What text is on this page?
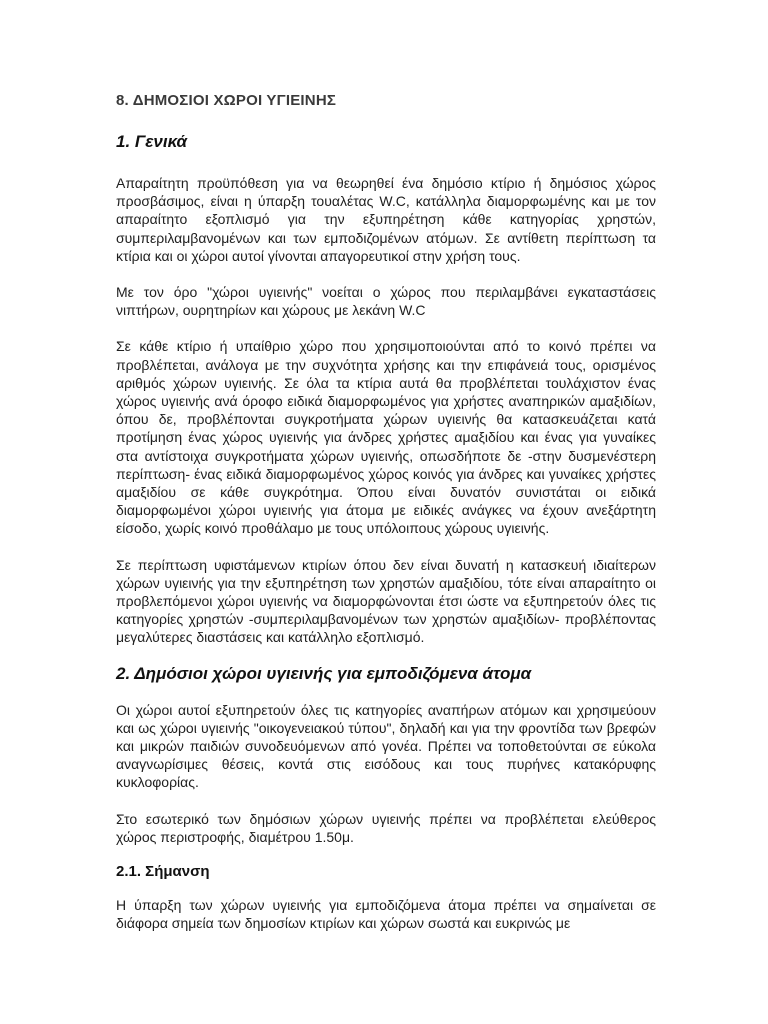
8. ΔΗΜΟΣΙΟΙ ΧΩΡΟΙ ΥΓΙΕΙΝΗΣ
1. Γενικά

Απαραίτητη προϋπόθεση για να θεωρηθεί ένα δημόσιο κτίριο ή δημόσιος χώρος προσβάσιμος, είναι η ύπαρξη τουαλέτας W.C, κατάλληλα διαμορφωμένης και με τον απαραίτητο εξοπλισμό για την εξυπηρέτηση κάθε κατηγορίας χρηστών, συμπεριλαμβανομένων και των εμποδιζομένων ατόμων. Σε αντίθετη περίπτωση τα κτίρια και οι χώροι αυτοί γίνονται απαγορευτικοί στην χρήση τους.

Με τον όρο "χώροι υγιεινής" νοείται ο χώρος που περιλαμβάνει εγκαταστάσεις νιπτήρων, ουρητηρίων και χώρους με λεκάνη W.C

Σε κάθε κτίριο ή υπαίθριο χώρο που χρησιμοποιούνται από το κοινό πρέπει να προβλέπεται, ανάλογα με την συχνότητα χρήσης και την επιφάνειά τους, ορισμένος αριθμός χώρων υγιεινής. Σε όλα τα κτίρια αυτά θα προβλέπεται τουλάχιστον ένας χώρος υγιεινής ανά όροφο ειδικά διαμορφωμένος για χρήστες αναπηρικών αμαξιδίων, όπου δε, προβλέπονται συγκροτήματα χώρων υγιεινής θα κατασκευάζεται κατά προτίμηση ένας χώρος υγιεινής για άνδρες χρήστες αμαξιδίου και ένας για γυναίκες στα αντίστοιχα συγκροτήματα χώρων υγιεινής, οπωσδήποτε δε -στην δυσμενέστερη περίπτωση- ένας ειδικά διαμορφωμένος χώρος κοινός για άνδρες και γυναίκες χρήστες αμαξιδίου σε κάθε συγκρότημα. Όπου είναι δυνατόν συνιστάται οι ειδικά διαμορφωμένοι χώροι υγιεινής για άτομα με ειδικές ανάγκες να έχουν ανεξάρτητη είσοδο, χωρίς κοινό προθάλαμο με τους υπόλοιπους χώρους υγιεινής.

Σε περίπτωση υφιστάμενων κτιρίων όπου δεν είναι δυνατή η κατασκευή ιδιαίτερων χώρων υγιεινής για την εξυπηρέτηση των χρηστών αμαξιδίου, τότε είναι απαραίτητο οι προβλεπόμενοι χώροι υγιεινής να διαμορφώνονται έτσι ώστε να εξυπηρετούν όλες τις κατηγορίες χρηστών -συμπεριλαμβανομένων των χρηστών αμαξιδίων- προβλέποντας μεγαλύτερες διαστάσεις και κατάλληλο εξοπλισμό.

2. Δημόσιοι χώροι υγιεινής για εμποδιζόμενα άτομα

Οι χώροι αυτοί εξυπηρετούν όλες τις κατηγορίες αναπήρων ατόμων και χρησιμεύουν και ως χώροι υγιεινής "οικογενειακού τύπου", δηλαδή και για την φροντίδα των βρεφών και μικρών παιδιών συνοδευόμενων από γονέα. Πρέπει να τοποθετούνται σε εύκολα αναγνωρίσιμες θέσεις, κοντά στις εισόδους και τους πυρήνες κατακόρυφης κυκλοφορίας.

Στο εσωτερικό των δημόσιων χώρων υγιεινής πρέπει να προβλέπεται ελεύθερος χώρος περιστροφής, διαμέτρου 1.50μ.

2.1. Σήμανση

Η ύπαρξη των χώρων υγιεινής για εμποδιζόμενα άτομα πρέπει να σημαίνεται σε διάφορα σημεία των δημοσίων κτιρίων και χώρων σωστά και ευκρινώς με
